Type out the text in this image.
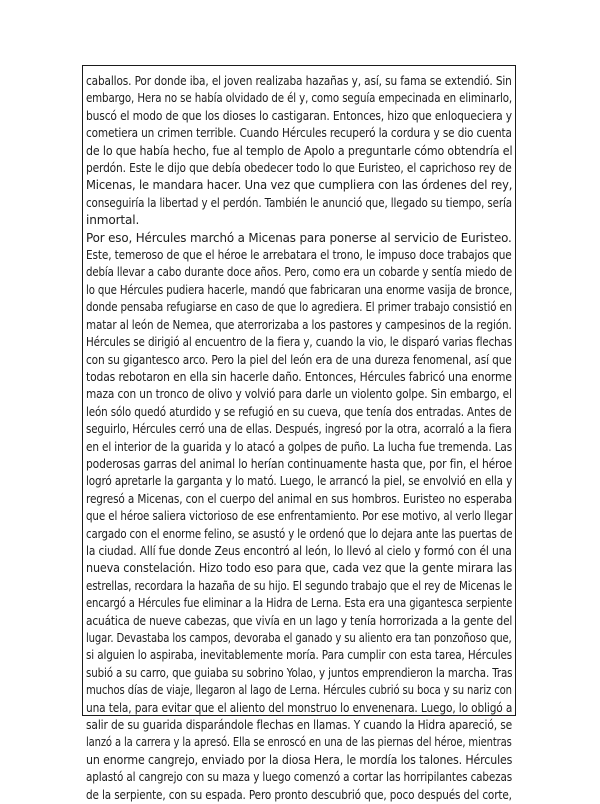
caballos. Por donde iba, el joven realizaba hazañas y, así, su fama se extendió. Sin
embargo, Hera no se había olvidado de él y, como seguía empecinada en eliminarlo,
buscó el modo de que los dioses lo castigaran. Entonces, hizo que enloqueciera y
cometiera un crimen terrible. Cuando Hércules recuperó la cordura y se dio cuenta
de lo que había hecho, fue al templo de Apolo a preguntarle cómo obtendría el
perdón. Este le dijo que debía obedecer todo lo que Euristeo, el caprichoso rey de
Micenas, le mandara hacer. Una vez que cumpliera con las órdenes del rey,
conseguiría la libertad y el perdón. También le anunció que, llegado su tiempo, sería
inmortal.

Por eso, Hércules marchó a Micenas para ponerse al servicio de Euristeo.

Este, temeroso de que el héroe le arrebatara el trono, le impuso doce trabajos que
debía llevar a cabo durante doce años. Pero, como era un cobarde y sentía miedo de
lo que Hércules pudiera hacerle, mandó que fabricaran una enorme vasija de bronce,
donde pensaba refugiarse en caso de que lo agrediera. El primer trabajo consistió en
matar al león de Nemea, que aterrorizaba a los pastores y campesinos de la región.
Hércules se dirigió al encuentro de la fiera y, cuando la vio, le disparó varias flechas
con su gigantesco arco. Pero la piel del león era de una dureza fenomenal, así que
todas rebotaron en ella sin hacerle daño. Entonces, Hércules fabricó una enorme
maza con un tronco de olivo y volvió para darle un violento golpe. Sin embargo, el
león sólo quedó aturdido y se refugió en su cueva, que tenía dos entradas. Antes de
seguirlo, Hércules cerró una de ellas. Después, ingresó por la otra, acorraló a la fiera
en el interior de la guarida y lo atacó a golpes de puño. La lucha fue tremenda. Las
poderosas garras del animal lo herían continuamente hasta que, por fin, el héroe
logró apretarle la garganta y lo mató. Luego, le arrancó la piel, se envolvió en ella y
regresó a Micenas, con el cuerpo del animal en sus hombros. Euristeo no esperaba
que el héroe saliera victorioso de ese enfrentamiento. Por ese motivo, al verlo llegar
cargado con el enorme felino, se asustó y le ordenó que lo dejara ante las puertas de
la ciudad. Allí fue donde Zeus encontró al león, lo llevó al cielo y formó con él una
nueva constelación. Hizo todo eso para que, cada vez que la gente mirara las
estrellas, recordara la hazaña de su hijo. El segundo trabajo que el rey de Micenas le
encargó a Hércules fue eliminar a la Hidra de Lerna. Esta era una gigantesca serpiente
acuática de nueve cabezas, que vivía en un lago y tenía horrorizada a la gente del
lugar. Devastaba los campos, devoraba el ganado y su aliento era tan ponzoñoso que,
si alguien lo aspiraba, inevitablemente moría. Para cumplir con esta tarea, Hércules
subió a su carro, que guiaba su sobrino Yolao, y juntos emprendieron la marcha. Tras
muchos días de viaje, llegaron al lago de Lerna. Hércules cubrió su boca y su nariz con
una tela, para evitar que el aliento del monstruo lo envenenara. Luego, lo obligó a
salir de su guarida disparándole flechas en llamas. Y cuando la Hidra apareció, se
lanzó a la carrera y la apresó. Ella se enroscó en una de las piernas del héroe, mientras
un enorme cangrejo, enviado por la diosa Hera, le mordía los talones. Hércules
aplastó al cangrejo con su maza y luego comenzó a cortar las horripilantes cabezas
de la serpiente, con su espada. Pero pronto descubrió que, poco después del corte,
